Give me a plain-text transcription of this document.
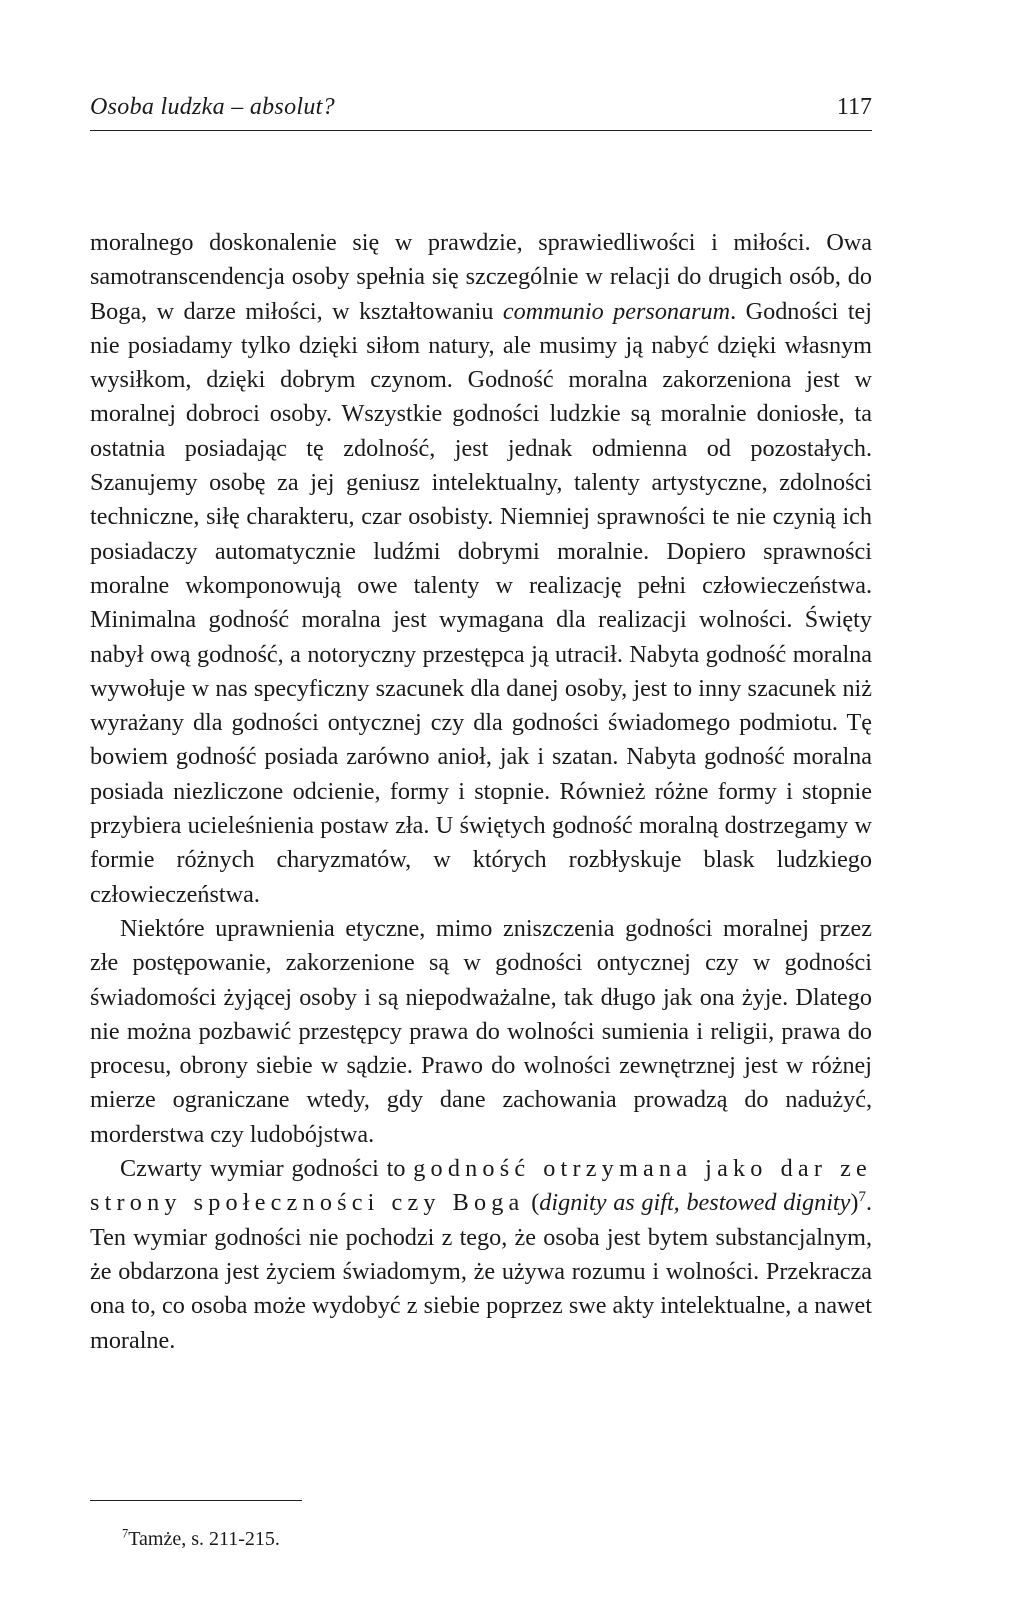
Osoba ludzka – absolut?	117

moralnego doskonalenie się w prawdzie, sprawiedliwości i miłości. Owa samotranscendencja osoby spełnia się szczególnie w relacji do drugich osób, do Boga, w darze miłości, w kształtowaniu communio personarum. Godności tej nie posiadamy tylko dzięki siłom natury, ale musimy ją nabyć dzięki własnym wysiłkom, dzięki dobrym czynom. Godność moralna zakorzeniona jest w moralnej dobroci osoby. Wszystkie godności ludzkie są moralnie doniosłe, ta ostatnia posiadając tę zdolność, jest jednak odmienna od pozostałych. Szanujemy osobę za jej geniusz intelektualny, talenty artystyczne, zdolności techniczne, siłę charakteru, czar osobisty. Niemniej sprawności te nie czynią ich posiadaczy automatycznie ludźmi dobrymi moralnie. Dopiero sprawności moralne wkomponowują owe talenty w realizację pełni człowieczeństwa. Minimalna godność moralna jest wymagana dla realizacji wolności. Święty nabył ową godność, a notoryczny przestępca ją utracił. Nabyta godność moralna wywołuje w nas specyficzny szacunek dla danej osoby, jest to inny szacunek niż wyrażany dla godności ontycznej czy dla godności świadomego podmiotu. Tę bowiem godność posiada zarówno anioł, jak i szatan. Nabyta godność moralna posiada niezliczone odcienie, formy i stopnie. Również różne formy i stopnie przybiera ucieleśnienia postaw zła. U świętych godność moralną dostrzegamy w formie różnych charyzmatów, w których rozbłyskuje blask ludzkiego człowieczeństwa.

Niektóre uprawnienia etyczne, mimo zniszczenia godności moralnej przez złe postępowanie, zakorzenione są w godności ontycznej czy w godności świadomości żyjącej osoby i są niepodważalne, tak długo jak ona żyje. Dlatego nie można pozbawić przestępcy prawa do wolności sumienia i religii, prawa do procesu, obrony siebie w sądzie. Prawo do wolności zewnętrznej jest w różnej mierze ograniczane wtedy, gdy dane zachowania prowadzą do nadużyć, morderstwa czy ludobójstwa.

Czwarty wymiar godności to godność otrzymana jako dar ze strony społeczności czy Boga (dignity as gift, bestowed dignity)$^7$. Ten wymiar godności nie pochodzi z tego, że osoba jest bytem substancjalnym, że obdarzona jest życiem świadomym, że używa rozumu i wolności. Przekracza ona to, co osoba może wydobyć z siebie poprzez swe akty intelektualne, a nawet moralne.

$^7$Tamże, s. 211-215.
